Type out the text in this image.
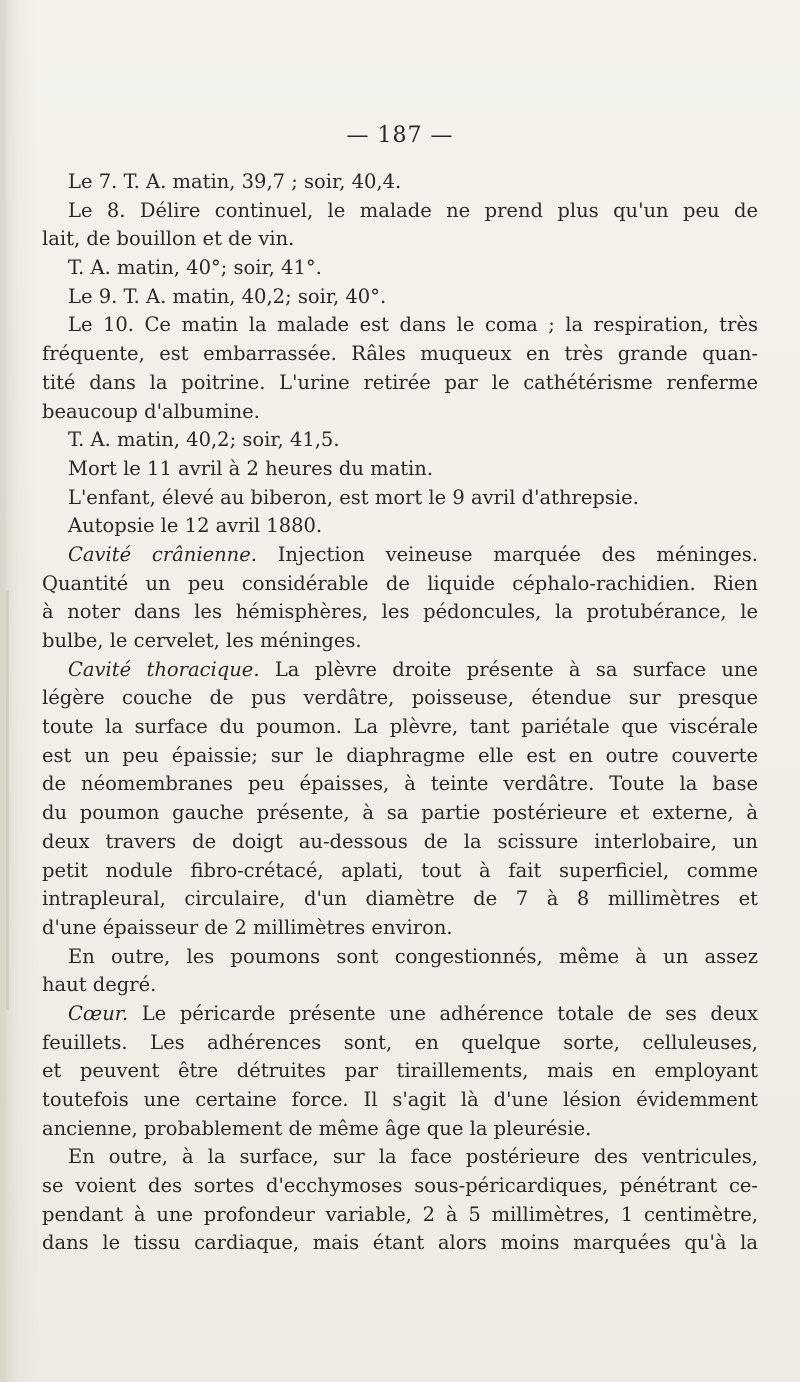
— 187 —
Le 7. T. A. matin, 39,7 ; soir, 40,4.
Le 8. Délire continuel, le malade ne prend plus qu'un peu de
lait, de bouillon et de vin.
T. A. matin, 40°; soir, 41°.
Le 9. T. A. matin, 40,2; soir, 40°.
Le 10. Ce matin la malade est dans le coma ; la respiration, très
fréquente, est embarrassée. Râles muqueux en très grande quan-
tité dans la poitrine. L'urine retirée par le cathétérisme renferme
beaucoup d'albumine.
T. A. matin, 40,2; soir, 41,5.
Mort le 11 avril à 2 heures du matin.
L'enfant, élevé au biberon, est mort le 9 avril d'athrepsie.
Autopsie le 12 avril 1880.
Cavité crânienne. Injection veineuse marquée des méninges.
Quantité un peu considérable de liquide céphalo-rachidien. Rien
à noter dans les hémisphères, les pédoncules, la protubérance, le
bulbe, le cervelet, les méninges.
Cavité thoracique. La plèvre droite présente à sa surface une
légère couche de pus verdâtre, poisseuse, étendue sur presque
toute la surface du poumon. La plèvre, tant pariétale que viscérale
est un peu épaissie; sur le diaphragme elle est en outre couverte
de néomembranes peu épaisses, à teinte verdâtre. Toute la base
du poumon gauche présente, à sa partie postérieure et externe, à
deux travers de doigt au-dessous de la scissure interlobaire, un
petit nodule fibro-crétacé, aplati, tout à fait superficiel, comme
intrapleural, circulaire, d'un diamètre de 7 à 8 millimètres et
d'une épaisseur de 2 millimètres environ.
En outre, les poumons sont congestionnés, même à un assez
haut degré.
Cœur. Le péricarde présente une adhérence totale de ses deux
feuillets. Les adhérences sont, en quelque sorte, celluleuses,
et peuvent être détruites par tiraillements, mais en employant
toutefois une certaine force. Il s'agit là d'une lésion évidemment
ancienne, probablement de même âge que la pleurésie.
En outre, à la surface, sur la face postérieure des ventricules,
se voient des sortes d'ecchymoses sous-péricardiques, pénétrant ce-
pendant à une profondeur variable, 2 à 5 millimètres, 1 centimètre,
dans le tissu cardiaque, mais étant alors moins marquées qu'à la
